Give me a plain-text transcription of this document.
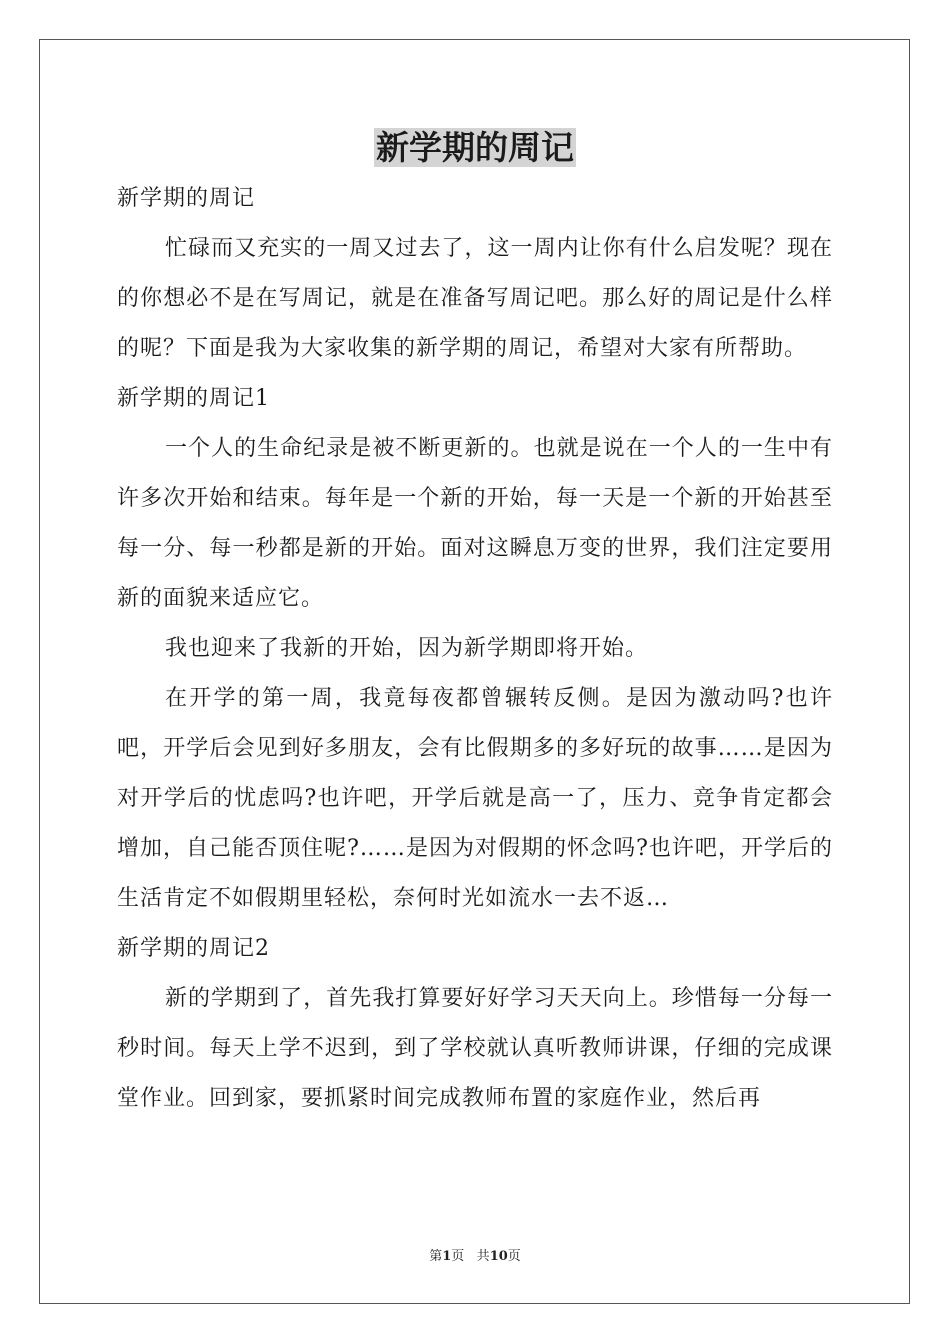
新学期的周记

新学期的周记

忙碌而又充实的一周又过去了，这一周内让你有什么启发呢？现在的你想必不是在写周记，就是在准备写周记吧。那么好的周记是什么样的呢？下面是我为大家收集的新学期的周记，希望对大家有所帮助。

新学期的周记1

一个人的生命纪录是被不断更新的。也就是说在一个人的一生中有许多次开始和结束。每年是一个新的开始，每一天是一个新的开始甚至每一分、每一秒都是新的开始。面对这瞬息万变的世界，我们注定要用新的面貌来适应它。

我也迎来了我新的开始，因为新学期即将开始。

在开学的第一周，我竟每夜都曾辗转反侧。是因为激动吗?也许吧，开学后会见到好多朋友，会有比假期多的多好玩的故事……是因为对开学后的忧虑吗?也许吧，开学后就是高一了，压力、竞争肯定都会增加，自己能否顶住呢?……是因为对假期的怀念吗?也许吧，开学后的生活肯定不如假期里轻松，奈何时光如流水一去不返…

新学期的周记2

新的学期到了，首先我打算要好好学习天天向上。珍惜每一分每一秒时间。每天上学不迟到，到了学校就认真听教师讲课，仔细的完成课堂作业。回到家，要抓紧时间完成教师布置的家庭作业，然后再

第1页 共10页
